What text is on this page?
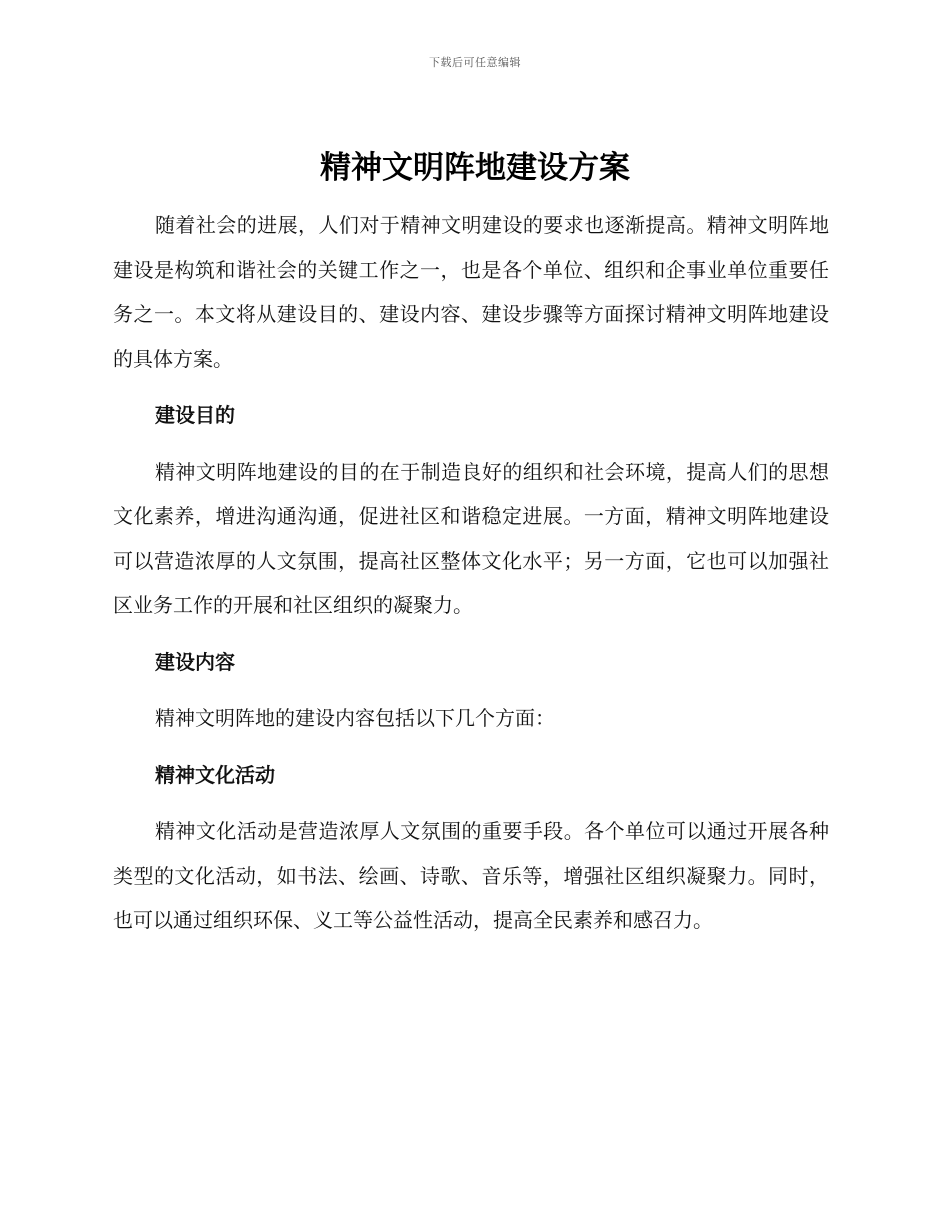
下载后可任意编辑
精神文明阵地建设方案

随着社会的进展，人们对于精神文明建设的要求也逐渐提高。精神文明阵地建设是构筑和谐社会的关键工作之一，也是各个单位、组织和企事业单位重要任务之一。本文将从建设目的、建设内容、建设步骤等方面探讨精神文明阵地建设的具体方案。

建设目的

精神文明阵地建设的目的在于制造良好的组织和社会环境，提高人们的思想文化素养，增进沟通沟通，促进社区和谐稳定进展。一方面，精神文明阵地建设可以营造浓厚的人文氛围，提高社区整体文化水平；另一方面，它也可以加强社区业务工作的开展和社区组织的凝聚力。

建设内容

精神文明阵地的建设内容包括以下几个方面：

精神文化活动

精神文化活动是营造浓厚人文氛围的重要手段。各个单位可以通过开展各种类型的文化活动，如书法、绘画、诗歌、音乐等，增强社区组织凝聚力。同时，也可以通过组织环保、义工等公益性活动，提高全民素养和感召力。
